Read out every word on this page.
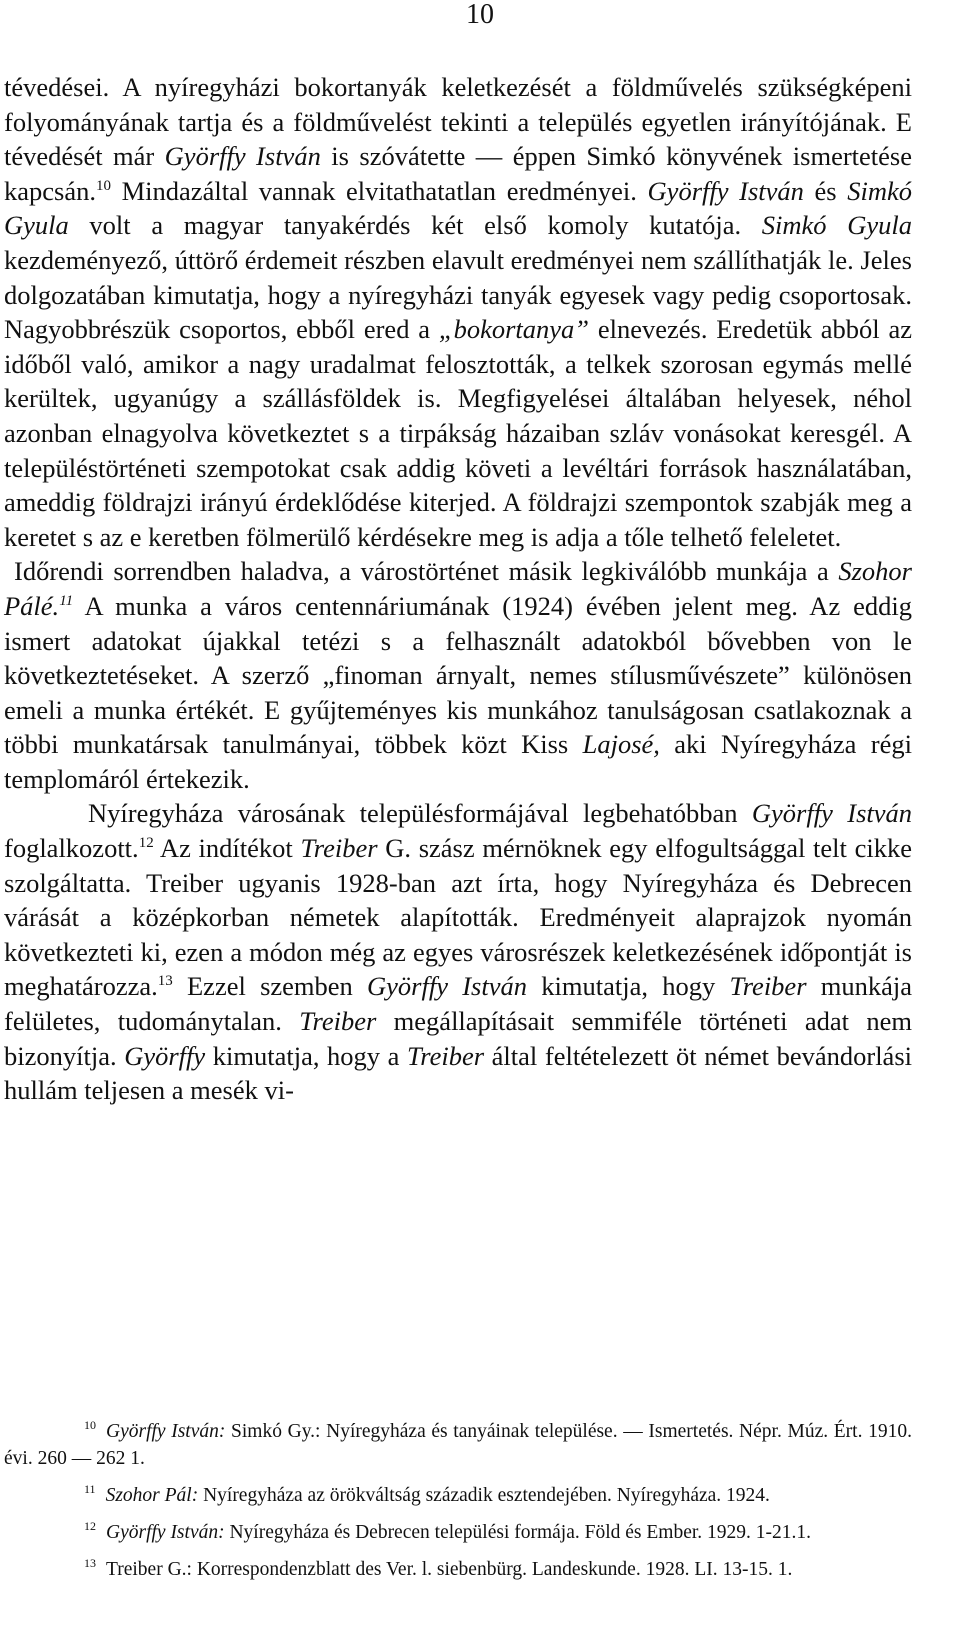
10

tévedései. A nyíregyházi bokortanyák keletkezését a földművelés szükségképeni folyományának tartja és a földművelést tekinti a település egyetlen irányítójának. E tévedését már Györffy István is szóvátette — éppen Simkó könyvének ismertetése kapcsán.$^{10}$ Mindazáltal vannak elvitathatatlan eredményei. Györffy István és Simkó Gyula volt a magyar tanyakérdés két első komoly kutatója. Simkó Gyula kezdeményező, úttörő érdemeit részben elavult eredményei nem szállíthatják le. Jeles dolgozatában kimutatja, hogy a nyíregyházi tanyák egyesek vagy pedig csoportosak. Nagyobbrészük csoportos, ebből ered a „bokortanya” elnevezés. Eredetük abból az időből való, amikor a nagy uradalmat felosztották, a telkek szorosan egymás mellé kerültek, ugyanúgy a szállásföldek is. Megfigyelései általában helyesek, néhol azonban elnagyolva következtet s a tirpákság házaiban szláv vonásokat keresgél. A településtörténeti szempotokat csak addig követi a levéltári források használatában, ameddig földrajzi irányú érdeklődése kiterjed. A földrajzi szempontok szabják meg a keretet s az e keretben fölmerülő kérdésekre meg is adja a tőle telhető feleletet.

Időrendi sorrendben haladva, a várostörténet másik legkiválóbb munkája a Szohor Pálé.$^{11}$ A munka a város centennáriumának (1924) évében jelent meg. Az eddig ismert adatokat újakkal tetézi s a felhasznált adatokból bővebben von le következtetéseket. A szerző „finoman árnyalt, nemes stílusművészete” különösen emeli a munka értékét. E gyűjteményes kis munkához tanulságosan csatlakoznak a többi munkatársak tanulmányai, többek közt Kiss Lajosé, aki Nyíregyháza régi templomáról értekezik.

Nyíregyháza városának településformájával legbehatóbban Györffy István foglalkozott.$^{12}$ Az indítékot Treiber G. szász mérnöknek egy elfogultsággal telt cikke szolgáltatta. Treiber ugyanis 1928-ban azt írta, hogy Nyíregyháza és Debrecen várását a középkorban németek alapították. Eredményeit alaprajzok nyomán következteti ki, ezen a módon még az egyes városrészek keletkezésének időpontját is meghatározza.$^{13}$ Ezzel szemben Györffy István kimutatja, hogy Treiber munkája felületes, tudománytalan. Treiber megállapításait semmiféle történeti adat nem bizonyítja. Györffy kimutatja, hogy a Treiber által feltételezett öt német bevándorlási hullám teljesen a mesék vi-

$^{10}$ Györffy István: Simkó Gy.: Nyíregyháza és tanyáinak települése. — Ismertetés. Népr. Múz. Ért. 1910. évi. 260 — 262 1.

$^{11}$ Szohor Pál: Nyíregyháza az örökváltság századik esztendejében. Nyíregyháza. 1924.

$^{12}$ Györffy István: Nyíregyháza és Debrecen települési formája. Föld és Ember. 1929. 1-21.1.

$^{13}$ Treiber G.: Korrespondenzblatt des Ver. l. siebenbürg. Landeskunde. 1928. LI. 13-15. 1.
